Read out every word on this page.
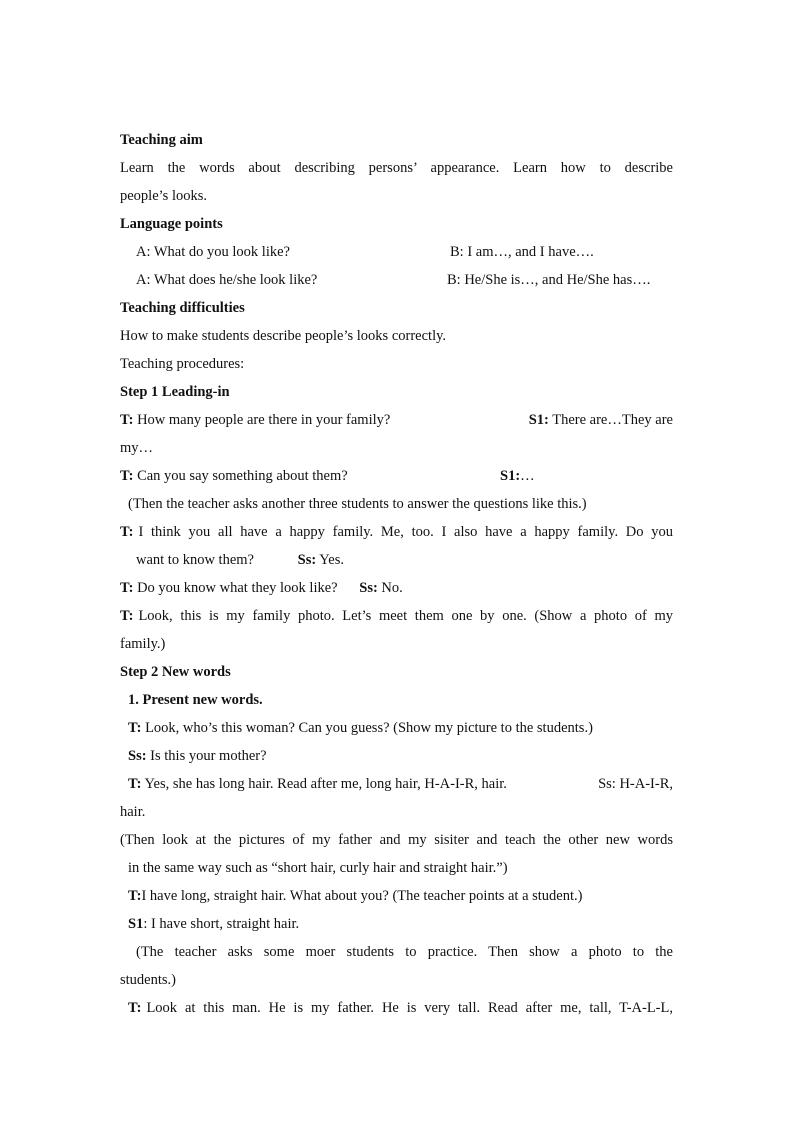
Teaching aim
Learn the words about describing persons’ appearance. Learn how to describe
people’s looks.
Language points
A: What do you look like?	B: I am…, and I have….
A: What does he/she look like?	B: He/She is…, and He/She has….
Teaching difficulties
How to make students describe people’s looks correctly.
Teaching procedures:
Step 1 Leading-in
T: How many people are there in your family?	S1: There are…They are
my…
T: Can you say something about them?	S1:…
(Then the teacher asks another three students to answer the questions like this.)
T: I think you all have a happy family. Me, too. I also have a happy family. Do you
want to know them?	Ss: Yes.
T: Do you know what they look like? Ss: No.
T: Look, this is my family photo. Let’s meet them one by one. (Show a photo of my
family.)
Step 2 New words
1. Present new words.
T: Look, who’s this woman? Can you guess? (Show my picture to the students.)
Ss: Is this your mother?
T: Yes, she has long hair. Read after me, long hair, H-A-I-R, hair.	Ss: H-A-I-R,
hair.
(Then look at the pictures of my father and my sisiter and teach the other new words
in the same way such as “short hair, curly hair and straight hair.”)
T:I have long, straight hair. What about you? (The teacher points at a student.)
S1: I have short, straight hair.
(The teacher asks some moer students to practice. Then show a photo to the
students.)
T: Look at this man. He is my father. He is very tall. Read after me, tall, T-A-L-L,
